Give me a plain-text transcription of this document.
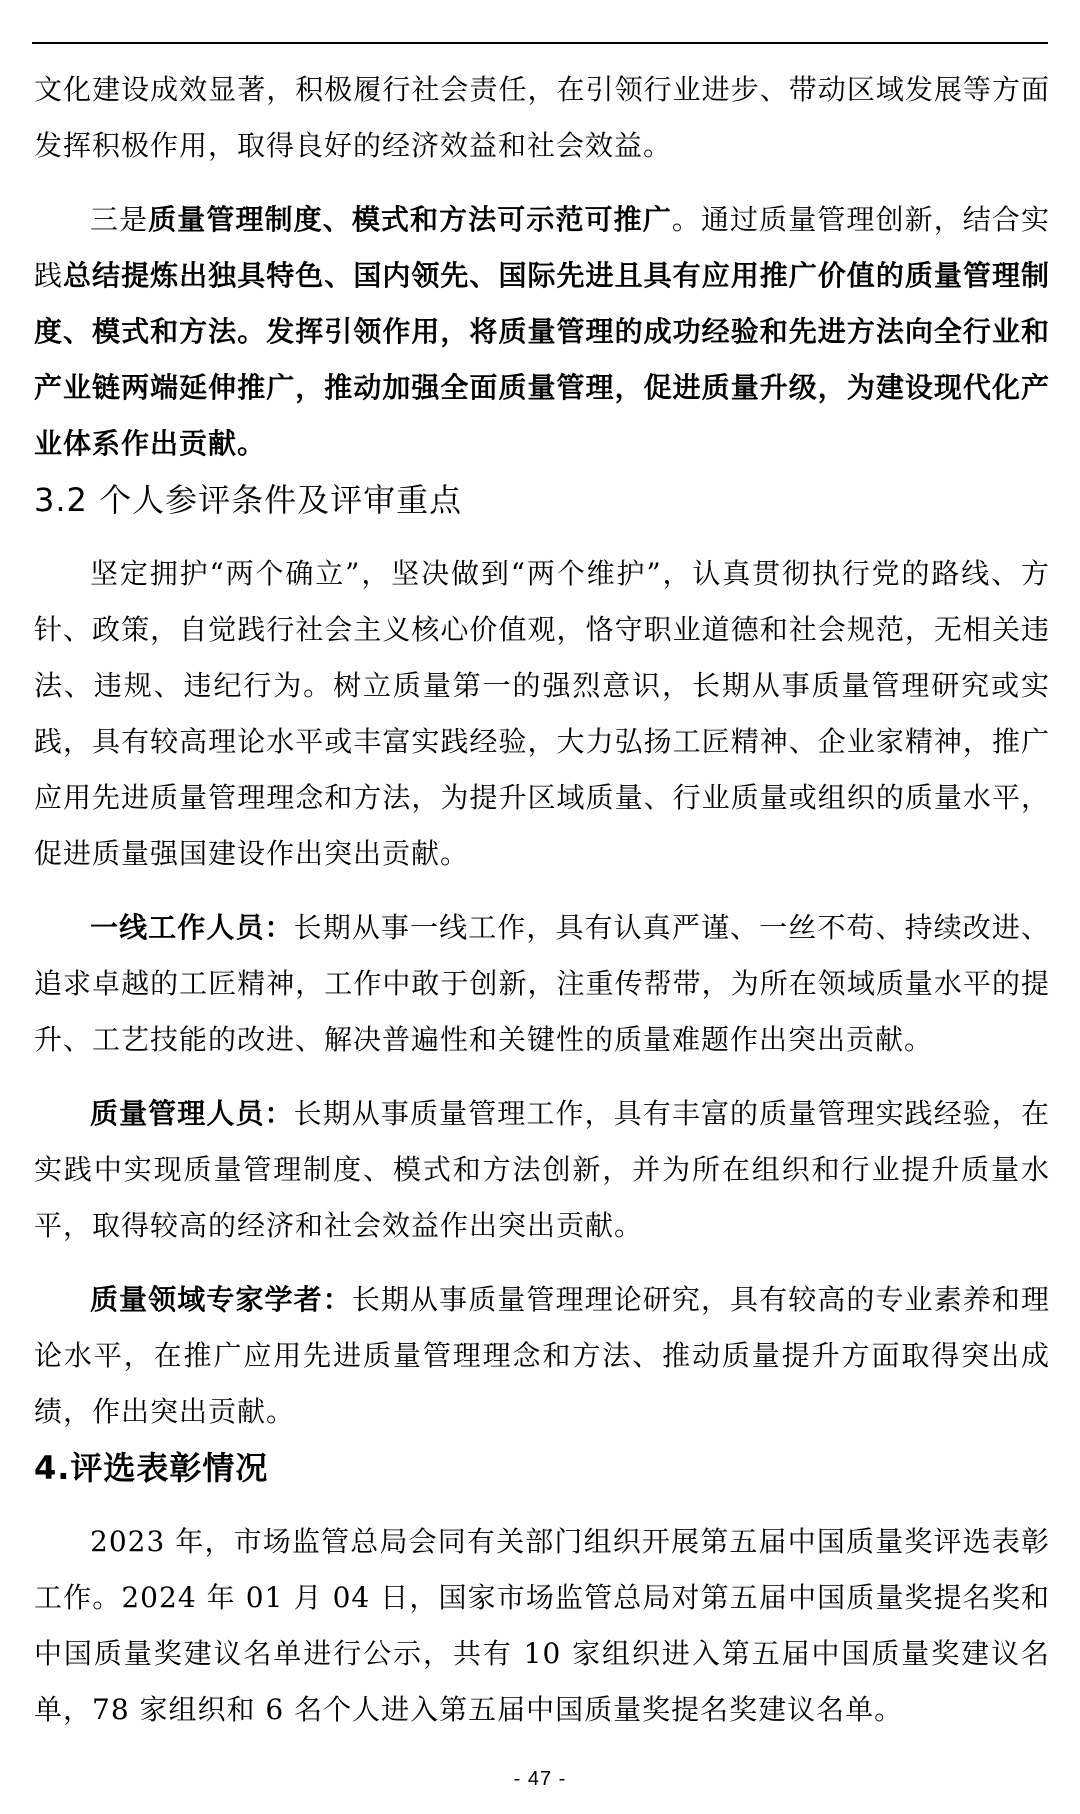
文化建设成效显著，积极履行社会责任，在引领行业进步、带动区域发展等方面发挥积极作用，取得良好的经济效益和社会效益。

三是质量管理制度、模式和方法可示范可推广。通过质量管理创新，结合实践总结提炼出独具特色、国内领先、国际先进且具有应用推广价值的质量管理制度、模式和方法。发挥引领作用，将质量管理的成功经验和先进方法向全行业和产业链两端延伸推广，推动加强全面质量管理，促进质量升级，为建设现代化产业体系作出贡献。

3.2 个人参评条件及评审重点

坚定拥护“两个确立”，坚决做到“两个维护”，认真贯彻执行党的路线、方针、政策，自觉践行社会主义核心价值观，恪守职业道德和社会规范，无相关违法、违规、违纪行为。树立质量第一的强烈意识，长期从事质量管理研究或实践，具有较高理论水平或丰富实践经验，大力弘扬工匠精神、企业家精神，推广应用先进质量管理理念和方法，为提升区域质量、行业质量或组织的质量水平，促进质量强国建设作出突出贡献。

一线工作人员：长期从事一线工作，具有认真严谨、一丝不苟、持续改进、追求卓越的工匠精神，工作中敢于创新，注重传帮带，为所在领域质量水平的提升、工艺技能的改进、解决普遍性和关键性的质量难题作出突出贡献。

质量管理人员：长期从事质量管理工作，具有丰富的质量管理实践经验，在实践中实现质量管理制度、模式和方法创新，并为所在组织和行业提升质量水平，取得较高的经济和社会效益作出突出贡献。

质量领域专家学者：长期从事质量管理理论研究，具有较高的专业素养和理论水平，在推广应用先进质量管理理念和方法、推动质量提升方面取得突出成绩，作出突出贡献。

4.评选表彰情况

2023 年，市场监管总局会同有关部门组织开展第五届中国质量奖评选表彰工作。2024 年 01 月 04 日，国家市场监管总局对第五届中国质量奖提名奖和中国质量奖建议名单进行公示，共有 10 家组织进入第五届中国质量奖建议名单，78 家组织和 6 名个人进入第五届中国质量奖提名奖建议名单。

- 47 -
